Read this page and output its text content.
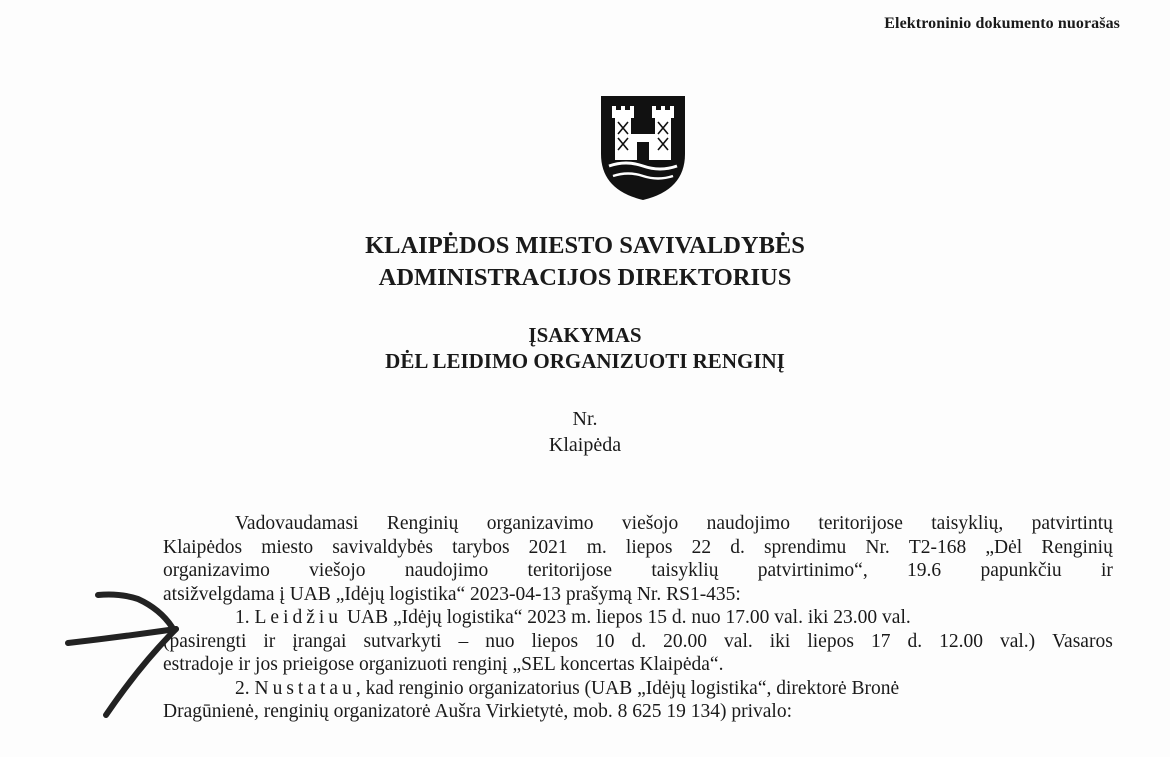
Elektroninio dokumento nuorašas
KLAIPĖDOS MIESTO SAVIVALDYBĖS
ADMINISTRACIJOS DIREKTORIUS
ĮSAKYMAS
DĖL LEIDIMO ORGANIZUOTI RENGINĮ
Nr.
Klaipėda
Vadovaudamasi Renginių organizavimo viešojo naudojimo teritorijose taisyklių, patvirtintų
Klaipėdos miesto savivaldybės tarybos 2021 m. liepos 22 d. sprendimu Nr. T2-168 „Dėl Renginių
organizavimo viešojo naudojimo teritorijose taisyklių patvirtinimo“, 19.6 papunkčiu ir
atsižvelgdama į UAB „Idėjų logistika“ 2023-04-13 prašymą Nr. RS1-435:
1. Leidžiu UAB „Idėjų logistika“ 2023 m. liepos 15 d. nuo 17.00 val. iki 23.00 val.
(pasirengti ir įrangai sutvarkyti – nuo liepos 10 d. 20.00 val. iki liepos 17 d. 12.00 val.) Vasaros
estradoje ir jos prieigose organizuoti renginį „SEL koncertas Klaipėda“.
2. Nustatau, kad renginio organizatorius (UAB „Idėjų logistika“, direktorė Bronė
Dragūnienė, renginių organizatorė Aušra Virkietytė, mob. 8 625 19 134) privalo:
